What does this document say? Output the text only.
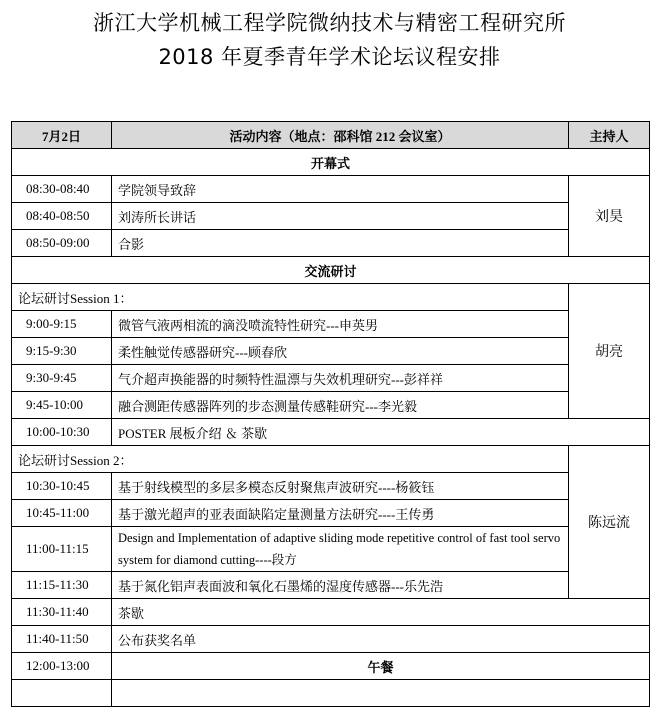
浙江大学机械工程学院微纳技术与精密工程研究所
2018 年夏季青年学术论坛议程安排
7月2日	活动内容（地点：邵科馆 212 会议室）	主持人
开幕式		
08:30-08:40	学院领导致辞	刘昊
08:40-08:50	刘涛所长讲话	
08:50-09:00	合影	
交流研讨		
论坛研讨Session 1：		胡亮
9:00-9:15	微管气液两相流的滴没喷流特性研究---申英男	
9:15-9:30	柔性触觉传感器研究---顾春欣	
9:30-9:45	气介超声换能器的时频特性温漂与失效机理研究---彭祥祥	
9:45-10:00	融合测距传感器阵列的步态测量传感鞋研究---李光毅	
10:00-10:30	POSTER 展板介绍 ＆ 茶歇	
论坛研讨Session 2：		陈远流
10:30-10:45	基于射线模型的多层多模态反射聚焦声波研究----杨筱钰	
10:45-11:00	基于激光超声的亚表面缺陷定量测量方法研究----王传勇	
11:00-11:15	Design and Implementation of adaptive sliding mode repetitive control of fast tool servo system for diamond cutting----段方	
11:15-11:30	基于氮化铝声表面波和氧化石墨烯的湿度传感器---乐先浩	
11:30-11:40	茶歇	
11:40-11:50	公布获奖名单	
12:00-13:00	午餐	
